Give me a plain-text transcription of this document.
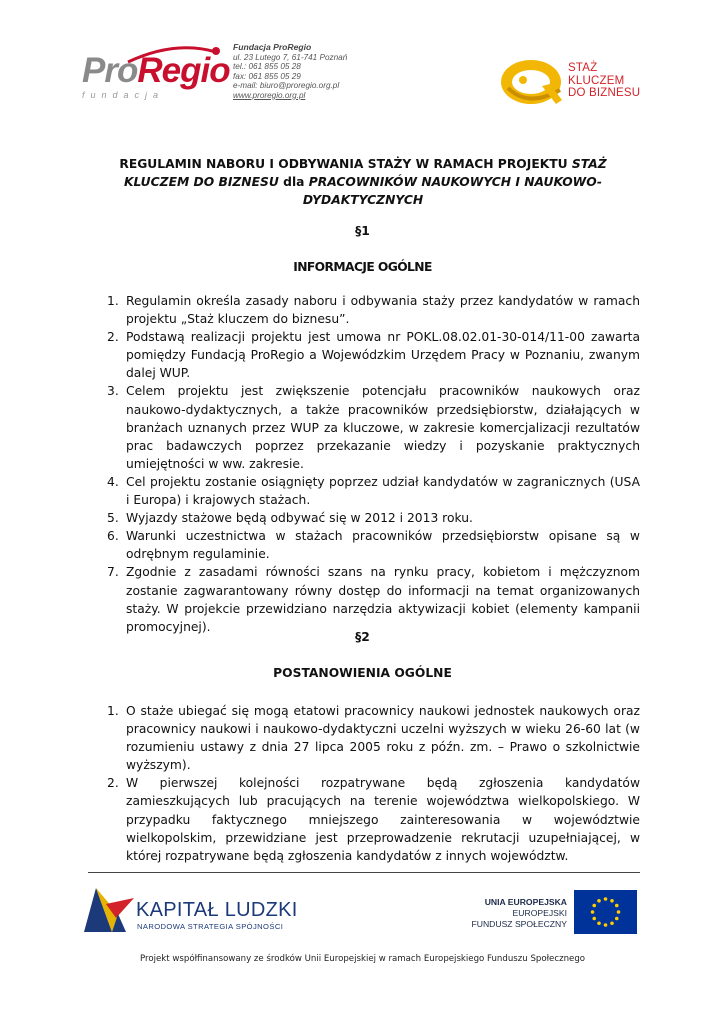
ProRegio
fundacja
Fundacja ProRegio
ul. 23 Lutego 7, 61-741 Poznań
tel.: 061 855 05 28
fax: 061 855 05 29
e-mail: biuro@proregio.org.pl
www.proregio.org.pl
STAŻ
KLUCZEM
DO BIZNESU
REGULAMIN NABORU I ODBYWANIA STAŻY W RAMACH PROJEKTU STAŻ KLUCZEM DO BIZNESU dla PRACOWNIKÓW NAUKOWYCH I NAUKOWO-DYDAKTYCZNYCH
§1
INFORMACJE OGÓLNE
1. Regulamin określa zasady naboru i odbywania staży przez kandydatów w ramach projektu „Staż kluczem do biznesu”.
2. Podstawą realizacji projektu jest umowa nr POKL.08.02.01-30-014/11-00 zawarta pomiędzy Fundacją ProRegio a Wojewódzkim Urzędem Pracy w Poznaniu, zwanym dalej WUP.
3. Celem projektu jest zwiększenie potencjału pracowników naukowych oraz naukowo-dydaktycznych, a także pracowników przedsiębiorstw, działających w branżach uznanych przez WUP za kluczowe, w zakresie komercjalizacji rezultatów prac badawczych poprzez przekazanie wiedzy i pozyskanie praktycznych umiejętności w ww. zakresie.
4. Cel projektu zostanie osiągnięty poprzez udział kandydatów w zagranicznych (USA i Europa) i krajowych stażach.
5. Wyjazdy stażowe będą odbywać się w 2012 i 2013 roku.
6. Warunki uczestnictwa w stażach pracowników przedsiębiorstw opisane są w odrębnym regulaminie.
7. Zgodnie z zasadami równości szans na rynku pracy, kobietom i mężczyznom zostanie zagwarantowany równy dostęp do informacji na temat organizowanych staży. W projekcie przewidziano narzędzia aktywizacji kobiet (elementy kampanii promocyjnej).
§2
POSTANOWIENIA OGÓLNE
1. O staże ubiegać się mogą etatowi pracownicy naukowi jednostek naukowych oraz pracownicy naukowi i naukowo-dydaktyczni uczelni wyższych w wieku 26-60 lat (w rozumieniu ustawy z dnia 27 lipca 2005 roku z późn. zm. – Prawo o szkolnictwie wyższym).
2. W pierwszej kolejności rozpatrywane będą zgłoszenia kandydatów zamieszkujących lub pracujących na terenie województwa wielkopolskiego. W przypadku faktycznego mniejszego zainteresowania w województwie wielkopolskim, przewidziane jest przeprowadzenie rekrutacji uzupełniającej, w której rozpatrywane będą zgłoszenia kandydatów z innych województw.
KAPITAŁ LUDZKI
NARODOWA STRATEGIA SPÓJNOŚCI
UNIA EUROPEJSKA
EUROPEJSKI
FUNDUSZ SPOŁECZNY
Projekt współfinansowany ze środków Unii Europejskiej w ramach Europejskiego Funduszu Społecznego
